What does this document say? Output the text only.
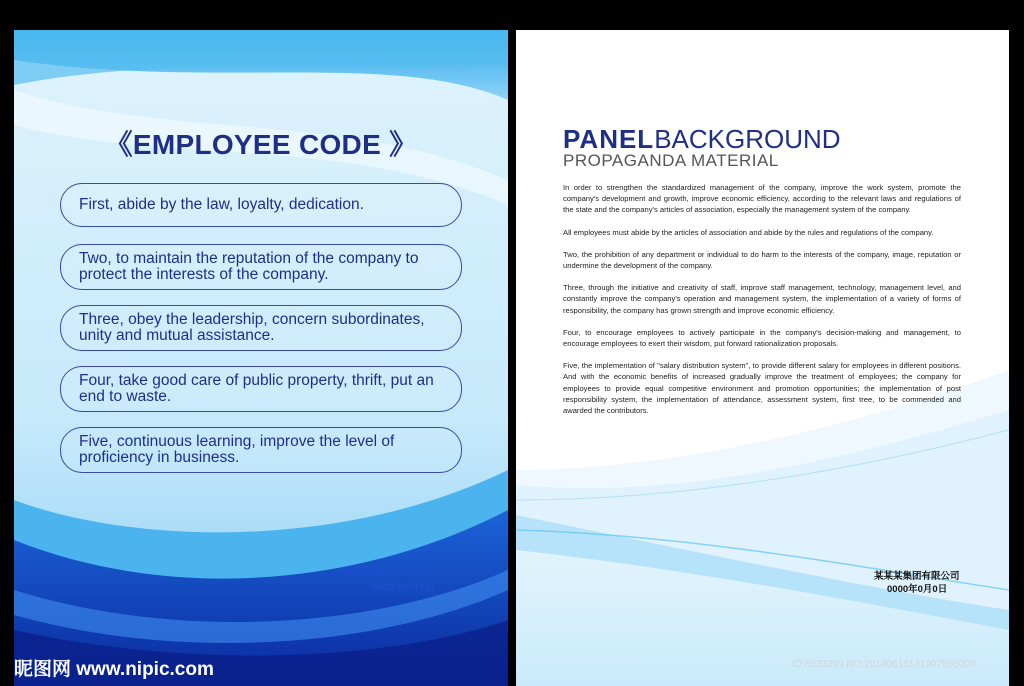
《EMPLOYEE CODE 》
First, abide by the law, loyalty, dedication.
Two, to maintain the reputation of the company to protect the interests of the company.
Three, obey the leadership, concern subordinates, unity and mutual assistance.
Four, take good care of public property, thrift, put an end to waste.
Five, continuous learning, improve the level of proficiency in business.
某某某集团有限公司
0000年0月0日
PANELBACKGROUND
PROPAGANDA MATERIAL

In order to strengthen the standardized management of the company, improve the work system, promote the company's development and growth, improve economic efficiency, according to the relevant laws and regulations of the state and the company's articles of association, especially the management system of the company.

All employees must abide by the articles of association and abide by the rules and regulations of the company.

Two, the prohibition of any department or individual to do harm to the interests of the company, image, reputation or undermine the development of the company.

Three, through the initiative and creativity of staff, improve staff management, technology, management level, and constantly improve the company's operation and management system, the implementation of a variety of forms of responsibility, the company has grown strength and improve economic efficiency.

Four, to encourage employees to actively participate in the company's decision-making and management, to encourage employees to exert their wisdom, put forward rationalization proposals.

Five, the implementation of "salary distribution system", to provide different salary for employees in different positions. And with the economic benefits of increased gradually improve the treatment of employees; the company for employees to provide equal competitive environment and promotion opportunities; the implementation of post responsibility system, the implementation of attendance, assessment system, first tree, to be commended and awarded the contributors.

某某某集团有限公司
0000年0月0日
昵图网 www.nipic.com	ID:8533399 NO:20180615141907893000
